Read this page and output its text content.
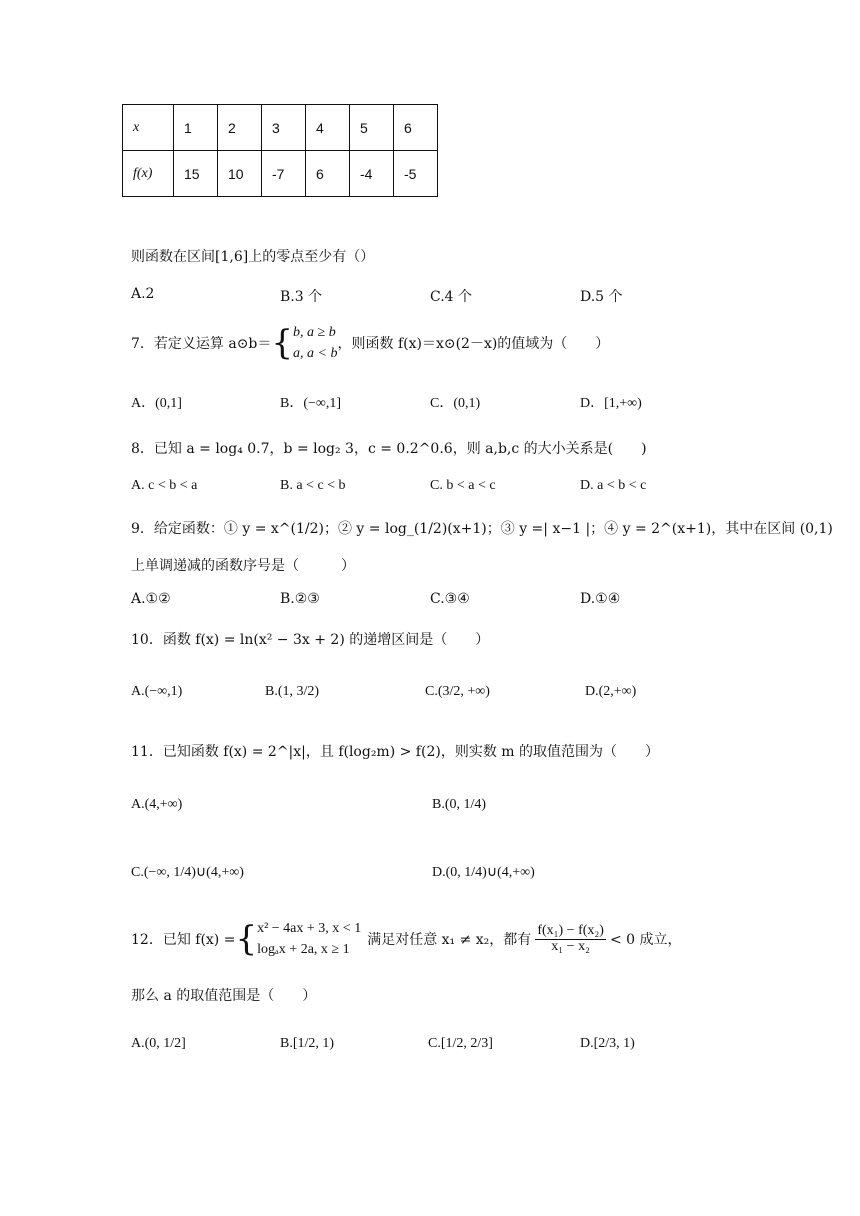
x	1	2	3	4	5	6
f(x)	15	10	-7	6	-4	-5
则函数在区间[1,6]上的零点至少有（）
A.2	B.3 个	C.4 个	D.5 个
7．若定义运算 a⊙b＝ { b, a ≥ b
a, a < b
，则函数 f(x)＝x⊙(2－x)的值域为（　　）
A．(0,1]	B．(−∞,1]	C．(0,1)	D．[1,+∞)
8．已知 a = log₄ 0.7，b = log₂ 3，c = 0.2^0.6，则 a,b,c 的大小关系是(　　)
A. c < b < a	B. a < c < b	C. b < a < c	D. a < b < c
9．给定函数：① y = x^(1/2)；② y = log_(1/2)(x+1)；③ y =| x−1 |；④ y = 2^(x+1)，其中在区间 (0,1)
上单调递减的函数序号是（　　　）
A.①②	B.②③	C.③④	D.①④
10．函数 f(x) = ln(x² − 3x + 2) 的递增区间是（　　）
A.(−∞,1)	B.(1, 3/2)	C.(3/2, +∞)	D.(2,+∞)
11．已知函数 f(x) = 2^|x|，且 f(log₂m) > f(2)，则实数 m 的取值范围为（　　）
A.(4,+∞)	B.(0, 1/4)
C.(−∞, 1/4)∪(4,+∞)	D.(0, 1/4)∪(4,+∞)
12．已知 f(x) = { x² − 4ax + 3, x < 1
logₐx + 2a, x ≥ 1
满足对任意 x₁ ≠ x₂，都有 $\frac{\text{f(x₁) − f(x₂)}}{\text{x₁ − x₂}} < 0$ 成立，
那么 a 的取值范围是（　　）
A.(0, 1/2]	B.[1/2, 1)	C.[1/2, 2/3]	D.[2/3, 1)
